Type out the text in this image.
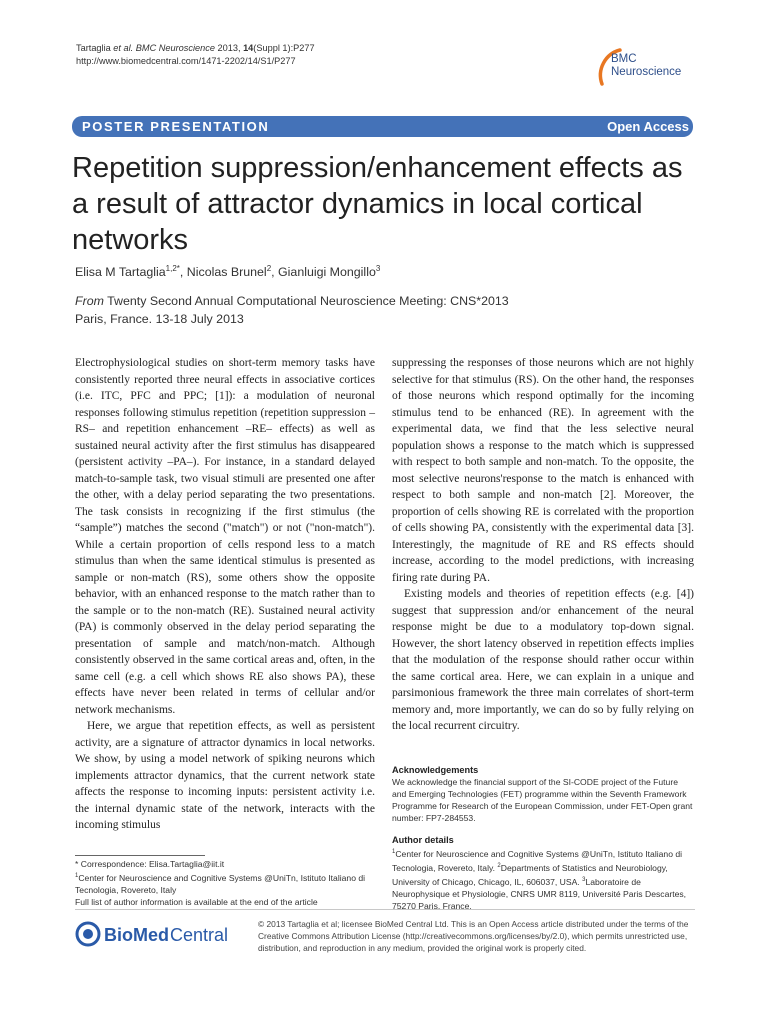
Tartaglia et al. BMC Neuroscience 2013, 14(Suppl 1):P277
http://www.biomedcentral.com/1471-2202/14/S1/P277	BMC
Neuroscience
POSTER PRESENTATION	Open Access
Repetition suppression/enhancement effects as a result of attractor dynamics in local cortical networks
Elisa M Tartaglia$^{1,2*}$, Nicolas Brunel$^2$, Gianluigi Mongillo$^3$
From Twenty Second Annual Computational Neuroscience Meeting: CNS*2013
Paris, France. 13-18 July 2013

Electrophysiological studies on short-term memory tasks have consistently reported three neural effects in associative cortices (i.e. ITC, PFC and PPC; [1]): a modulation of neuronal responses following stimulus repetition (repetition suppression –RS– and repetition enhancement –RE– effects) as well as sustained neural activity after the first stimulus has disappeared (persistent activity –PA–). For instance, in a standard delayed match-to-sample task, two visual stimuli are presented one after the other, with a delay period separating the two presentations. The task consists in recognizing if the first stimulus (the “sample”) matches the second ("match") or not ("non-match"). While a certain proportion of cells respond less to a match stimulus than when the same identical stimulus is presented as sample or non-match (RS), some others show the opposite behavior, with an enhanced response to the match rather than to the sample or to the non-match (RE). Sustained neural activity (PA) is commonly observed in the delay period separating the presentation of sample and match/non-match. Although consistently observed in the same cortical areas and, often, in the same cell (e.g. a cell which shows RE also shows PA), these effects have never been related in terms of cellular and/or network mechanisms.

Here, we argue that repetition effects, as well as persistent activity, are a signature of attractor dynamics in local networks. We show, by using a model network of spiking neurons which implements attractor dynamics, that the current network state affects the response to incoming inputs: persistent activity i.e. the internal dynamic state of the network, interacts with the incoming stimulus

suppressing the responses of those neurons which are not highly selective for that stimulus (RS). On the other hand, the responses of those neurons which respond optimally for the incoming stimulus tend to be enhanced (RE). In agreement with the experimental data, we find that the less selective neural population shows a response to the match which is suppressed with respect to both sample and non-match. To the opposite, the most selective neurons'response to the match is enhanced with respect to both sample and non-match [2]. Moreover, the proportion of cells showing RE is correlated with the proportion of cells showing PA, consistently with the experimental data [3]. Interestingly, the magnitude of RE and RS effects should increase, according to the model predictions, with increasing firing rate during PA.

Existing models and theories of repetition effects (e.g. [4]) suggest that suppression and/or enhancement of the neural response might be due to a modulatory top-down signal. However, the short latency observed in repetition effects implies that the modulation of the response should rather occur within the same cortical area. Here, we can explain in a unique and parsimonious framework the three main correlates of short-term memory and, more importantly, we can do so by fully relying on the local recurrent circuitry.

Acknowledgements
We acknowledge the financial support of the SI-CODE project of the Future and Emerging Technologies (FET) programme within the Seventh Framework Programme for Research of the European Commission, under FET-Open grant number: FP7-284553.
Author details
$^1$Center for Neuroscience and Cognitive Systems @UniTn, Istituto Italiano di Tecnologia, Rovereto, Italy. $^2$Departments of Statistics and Neurobiology, University of Chicago, Chicago, IL, 606037, USA. $^3$Laboratoire de Neurophysique et Physiologie, CNRS UMR 8119, Université Paris Descartes, 75270 Paris, France.
* Correspondence: Elisa.Tartaglia@iit.it
$^1$Center for Neuroscience and Cognitive Systems @UniTn, Istituto Italiano di Tecnologia, Rovereto, Italy
Full list of author information is available at the end of the article
BioMed Central
© 2013 Tartaglia et al; licensee BioMed Central Ltd. This is an Open Access article distributed under the terms of the Creative Commons Attribution License (http://creativecommons.org/licenses/by/2.0), which permits unrestricted use, distribution, and reproduction in any medium, provided the original work is properly cited.
